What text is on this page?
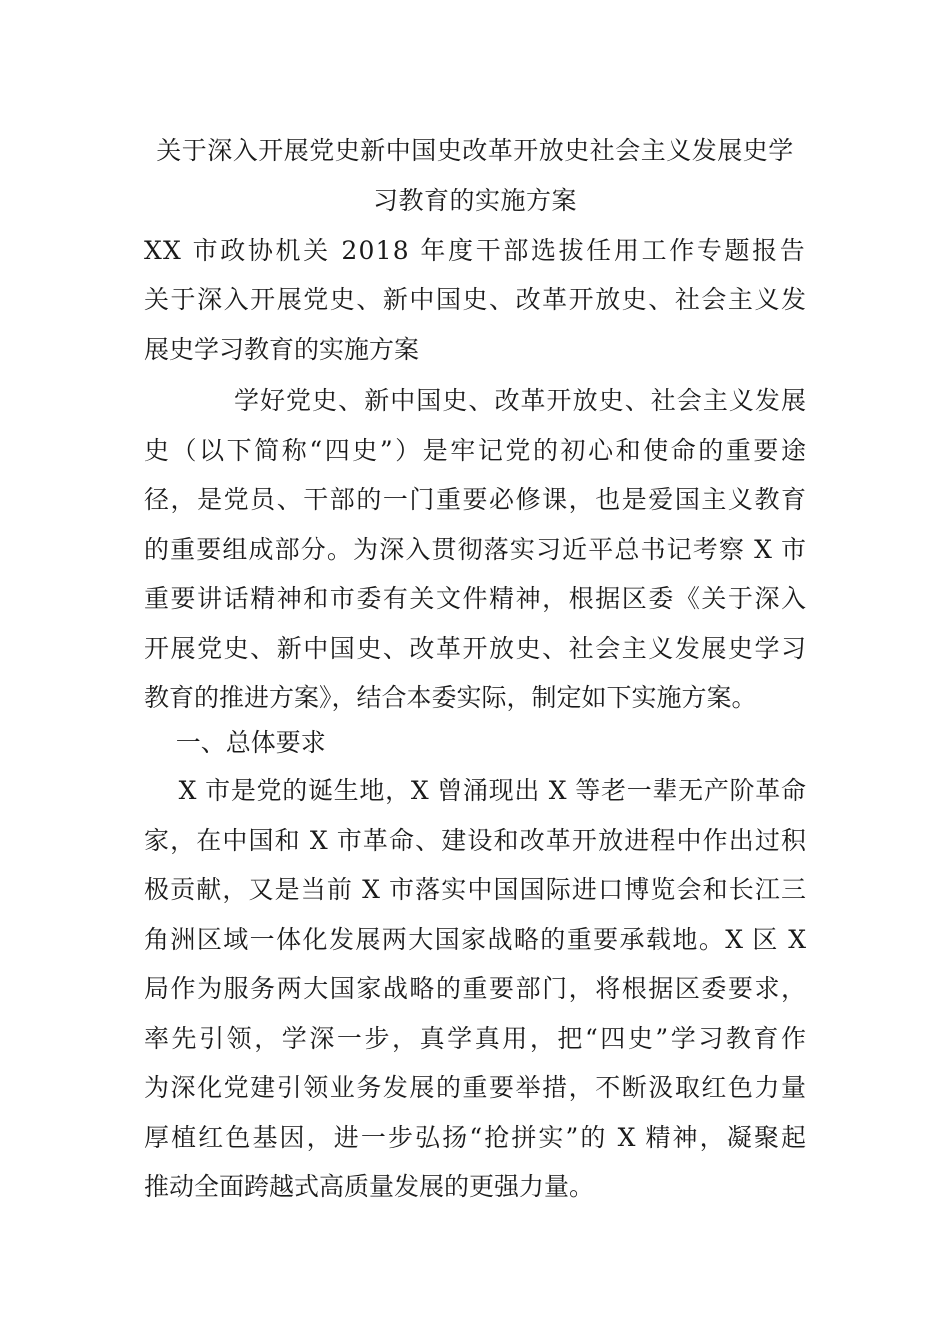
关于深入开展党史新中国史改革开放史社会主义发展史学
习教育的实施方案
XX 市政协机关 2018 年度干部选拔任用工作专题报告
关于深入开展党史、新中国史、改革开放史、社会主义发
展史学习教育的实施方案
学好党史、新中国史、改革开放史、社会主义发展
史（以下简称“四史”）是牢记党的初心和使命的重要途
径，是党员、干部的一门重要必修课，也是爱国主义教育
的重要组成部分。为深入贯彻落实习近平总书记考察 X 市
重要讲话精神和市委有关文件精神，根据区委《关于深入
开展党史、新中国史、改革开放史、社会主义发展史学习
教育的推进方案》，结合本委实际，制定如下实施方案。
一、总体要求
X 市是党的诞生地，X 曾涌现出 X 等老一辈无产阶革命
家，在中国和 X 市革命、建设和改革开放进程中作出过积
极贡献，又是当前 X 市落实中国国际进口博览会和长江三
角洲区域一体化发展两大国家战略的重要承载地。X 区 X
局作为服务两大国家战略的重要部门，将根据区委要求，
率先引领，学深一步，真学真用，把“四史”学习教育作
为深化党建引领业务发展的重要举措，不断汲取红色力量
厚植红色基因，进一步弘扬“抢拼实”的 X 精神，凝聚起
推动全面跨越式高质量发展的更强力量。
